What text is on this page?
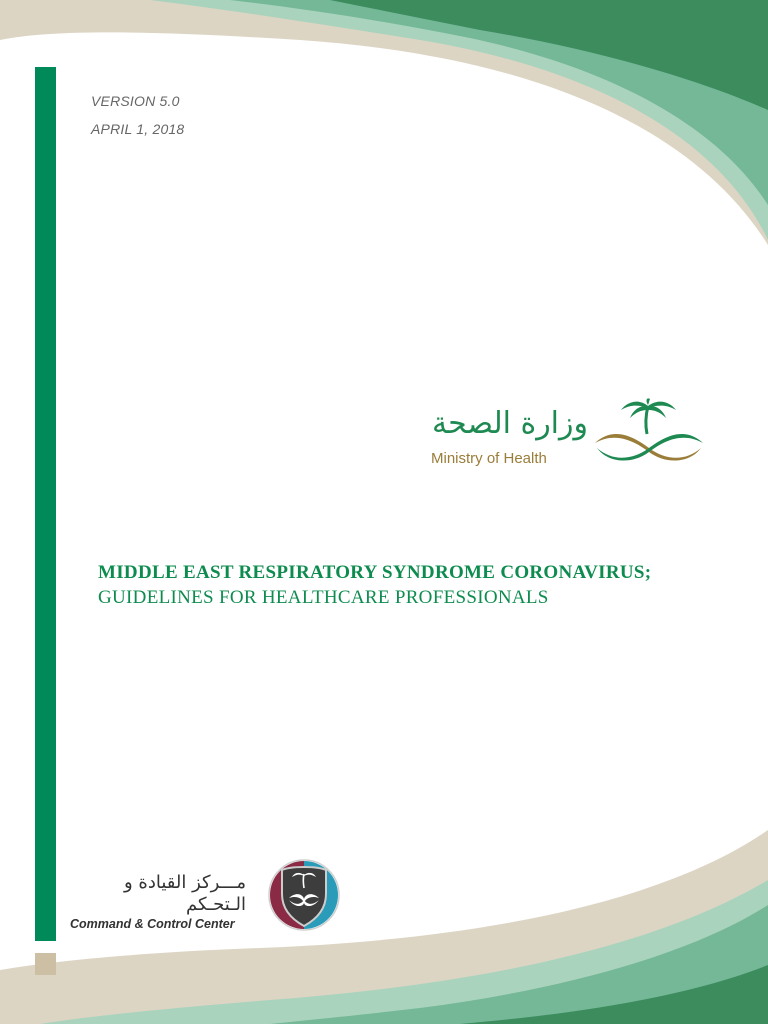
VERSION 5.0
APRIL 1, 2018
وزارة الصحة
Ministry of Health
MIDDLE EAST RESPIRATORY SYNDROME CORONAVIRUS;
GUIDELINES FOR HEALTHCARE PROFESSIONALS
مـــركز القيادة و الـتحـكم
Command & Control Center
